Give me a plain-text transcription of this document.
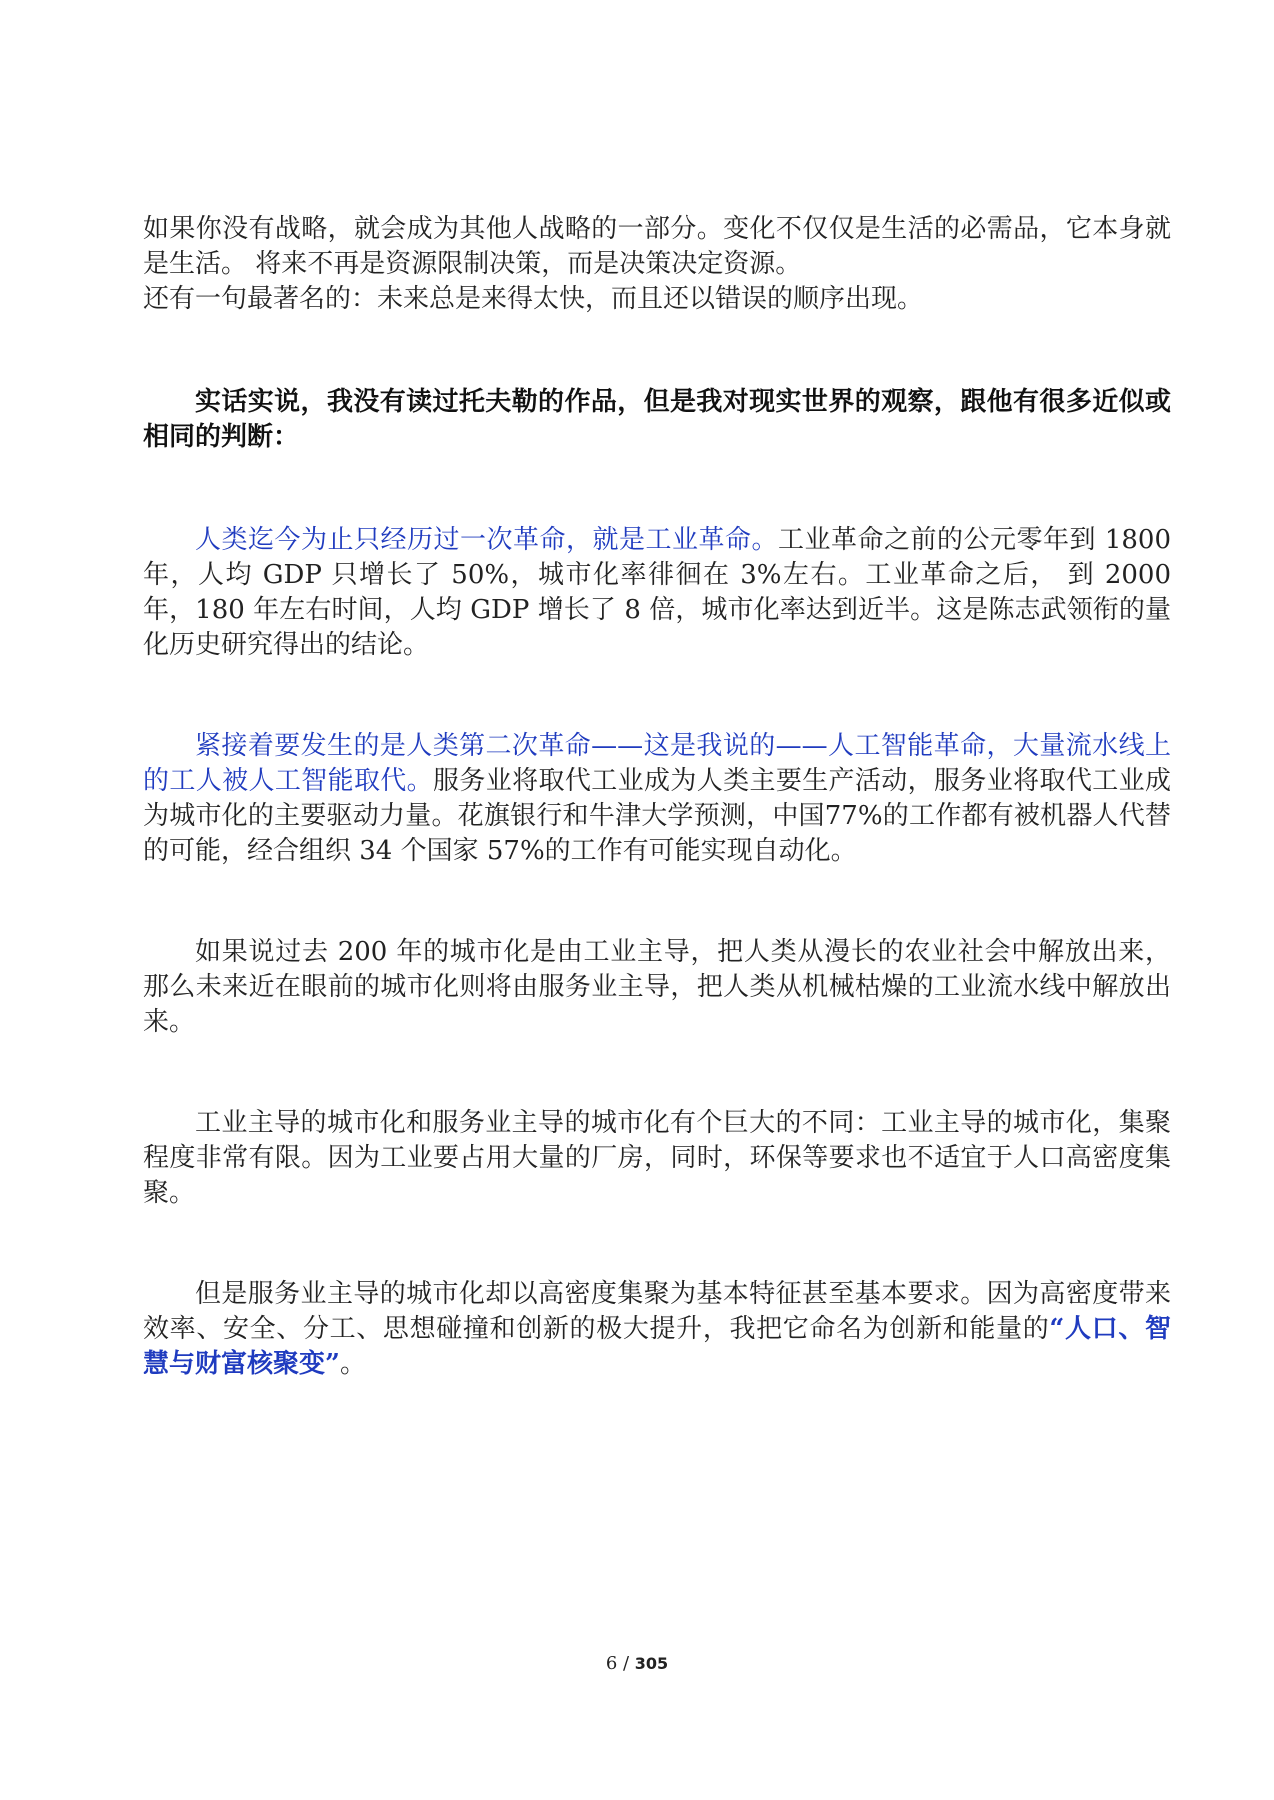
如果你没有战略，就会成为其他人战略的一部分。变化不仅仅是生活的必需品，它本身就是生活。 将来不再是资源限制决策，而是决策决定资源。
还有一句最著名的：未来总是来得太快，而且还以错误的顺序出现。

实话实说，我没有读过托夫勒的作品，但是我对现实世界的观察，跟他有很多近似或相同的判断：

人类迄今为止只经历过一次革命，就是工业革命。工业革命之前的公元零年到 1800 年，人均 GDP 只增长了 50%，城市化率徘徊在 3%左右。工业革命之后， 到 2000 年，180 年左右时间，人均 GDP 增长了 8 倍，城市化率达到近半。这是陈志武领衔的量化历史研究得出的结论。

紧接着要发生的是人类第二次革命——这是我说的——人工智能革命，大量流水线上的工人被人工智能取代。服务业将取代工业成为人类主要生产活动，服务业将取代工业成为城市化的主要驱动力量。花旗银行和牛津大学预测，中国77%的工作都有被机器人代替的可能，经合组织 34 个国家 57%的工作有可能实现自动化。

如果说过去 200 年的城市化是由工业主导，把人类从漫长的农业社会中解放出来，那么未来近在眼前的城市化则将由服务业主导，把人类从机械枯燥的工业流水线中解放出来。

工业主导的城市化和服务业主导的城市化有个巨大的不同：工业主导的城市化，集聚程度非常有限。因为工业要占用大量的厂房，同时，环保等要求也不适宜于人口高密度集聚。

但是服务业主导的城市化却以高密度集聚为基本特征甚至基本要求。因为高密度带来效率、安全、分工、思想碰撞和创新的极大提升，我把它命名为创新和能量的“人口、智慧与财富核聚变”。

6 / 305
